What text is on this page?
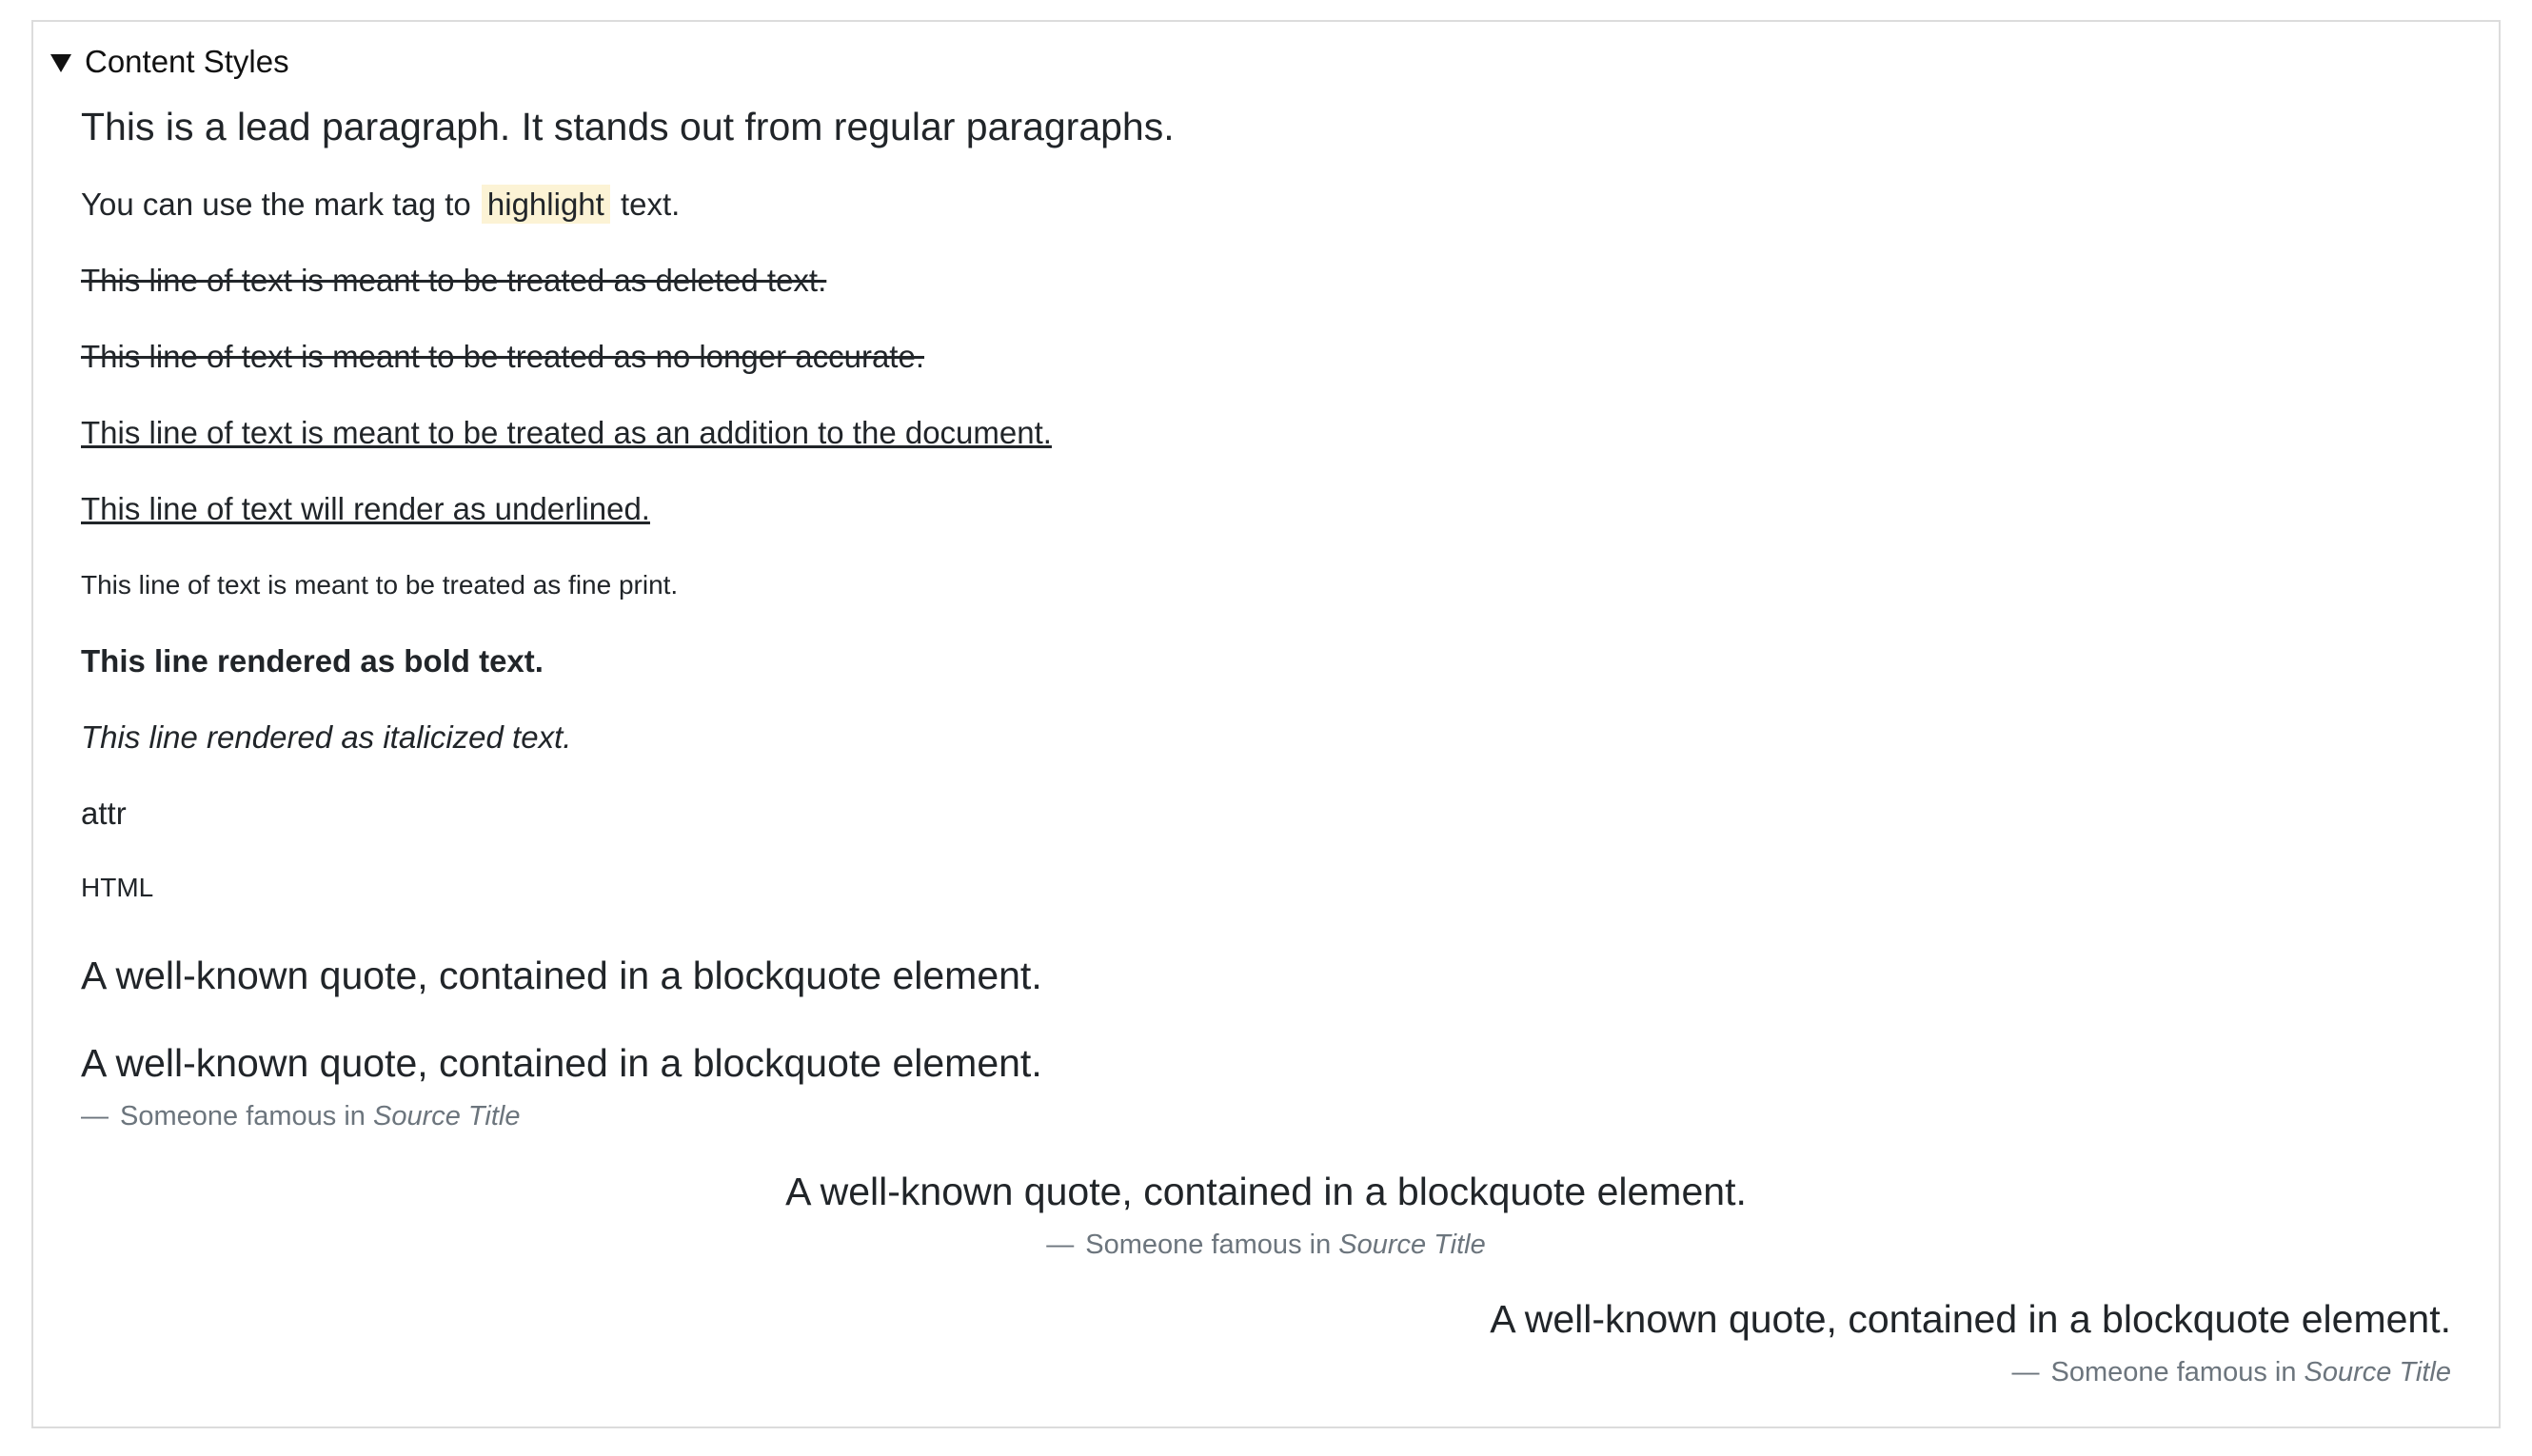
Content Styles

This is a lead paragraph. It stands out from regular paragraphs.

You can use the mark tag to highlight text.

This line of text is meant to be treated as deleted text.

This line of text is meant to be treated as no longer accurate.

This line of text is meant to be treated as an addition to the document.

This line of text will render as underlined.

This line of text is meant to be treated as fine print.

This line rendered as bold text.

This line rendered as italicized text.

attr

HTML

A well-known quote, contained in a blockquote element.

A well-known quote, contained in a blockquote element.

— Someone famous in Source Title

A well-known quote, contained in a blockquote element.

— Someone famous in Source Title

A well-known quote, contained in a blockquote element.

— Someone famous in Source Title
